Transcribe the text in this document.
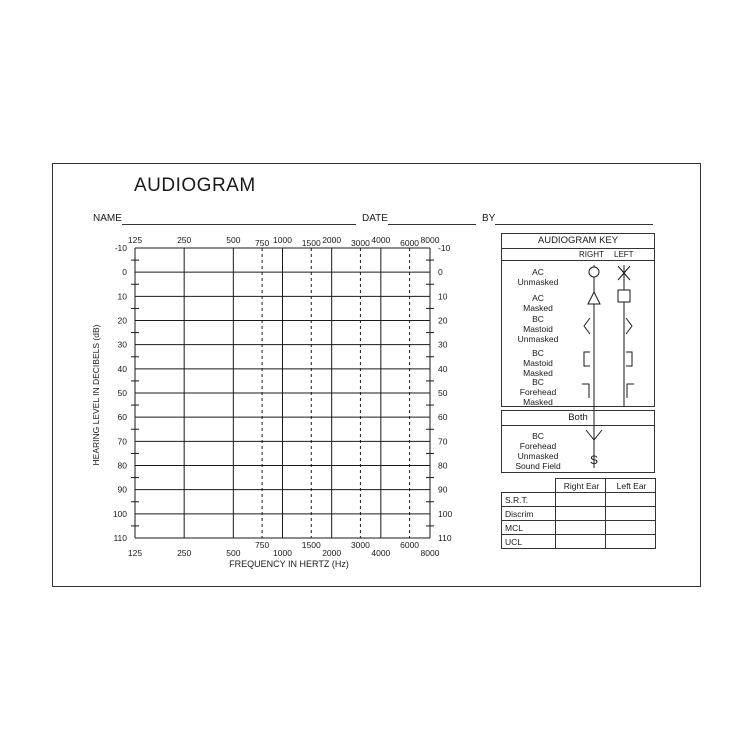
AUDIOGRAM
NAME	DATE	BY
-10	-10
0	0
10	10
20	20
30	30
40	40
50	50
60	60
70	70
80	80
90	90
100	100
110	110
125
125
250
250
500
500
1000
1000
2000
2000
4000
4000
8000
8000
750
750
1500
1500
3000
3000
6000
6000
HEARING LEVEL IN DECIBELS (dB)
FREQUENCY IN HERTZ (Hz)
AUDIOGRAM KEY
RIGHT LEFT
AC
Unmasked
AC
Masked
BC
Mastoid
Unmasked
BC
Mastoid
Masked
BC
Forehead
Masked
Both
BC
Forehead
Unmasked
Sound Field	S
	Right Ear	Left Ear
S.R.T.		
Discrim		
MCL		
UCL		
